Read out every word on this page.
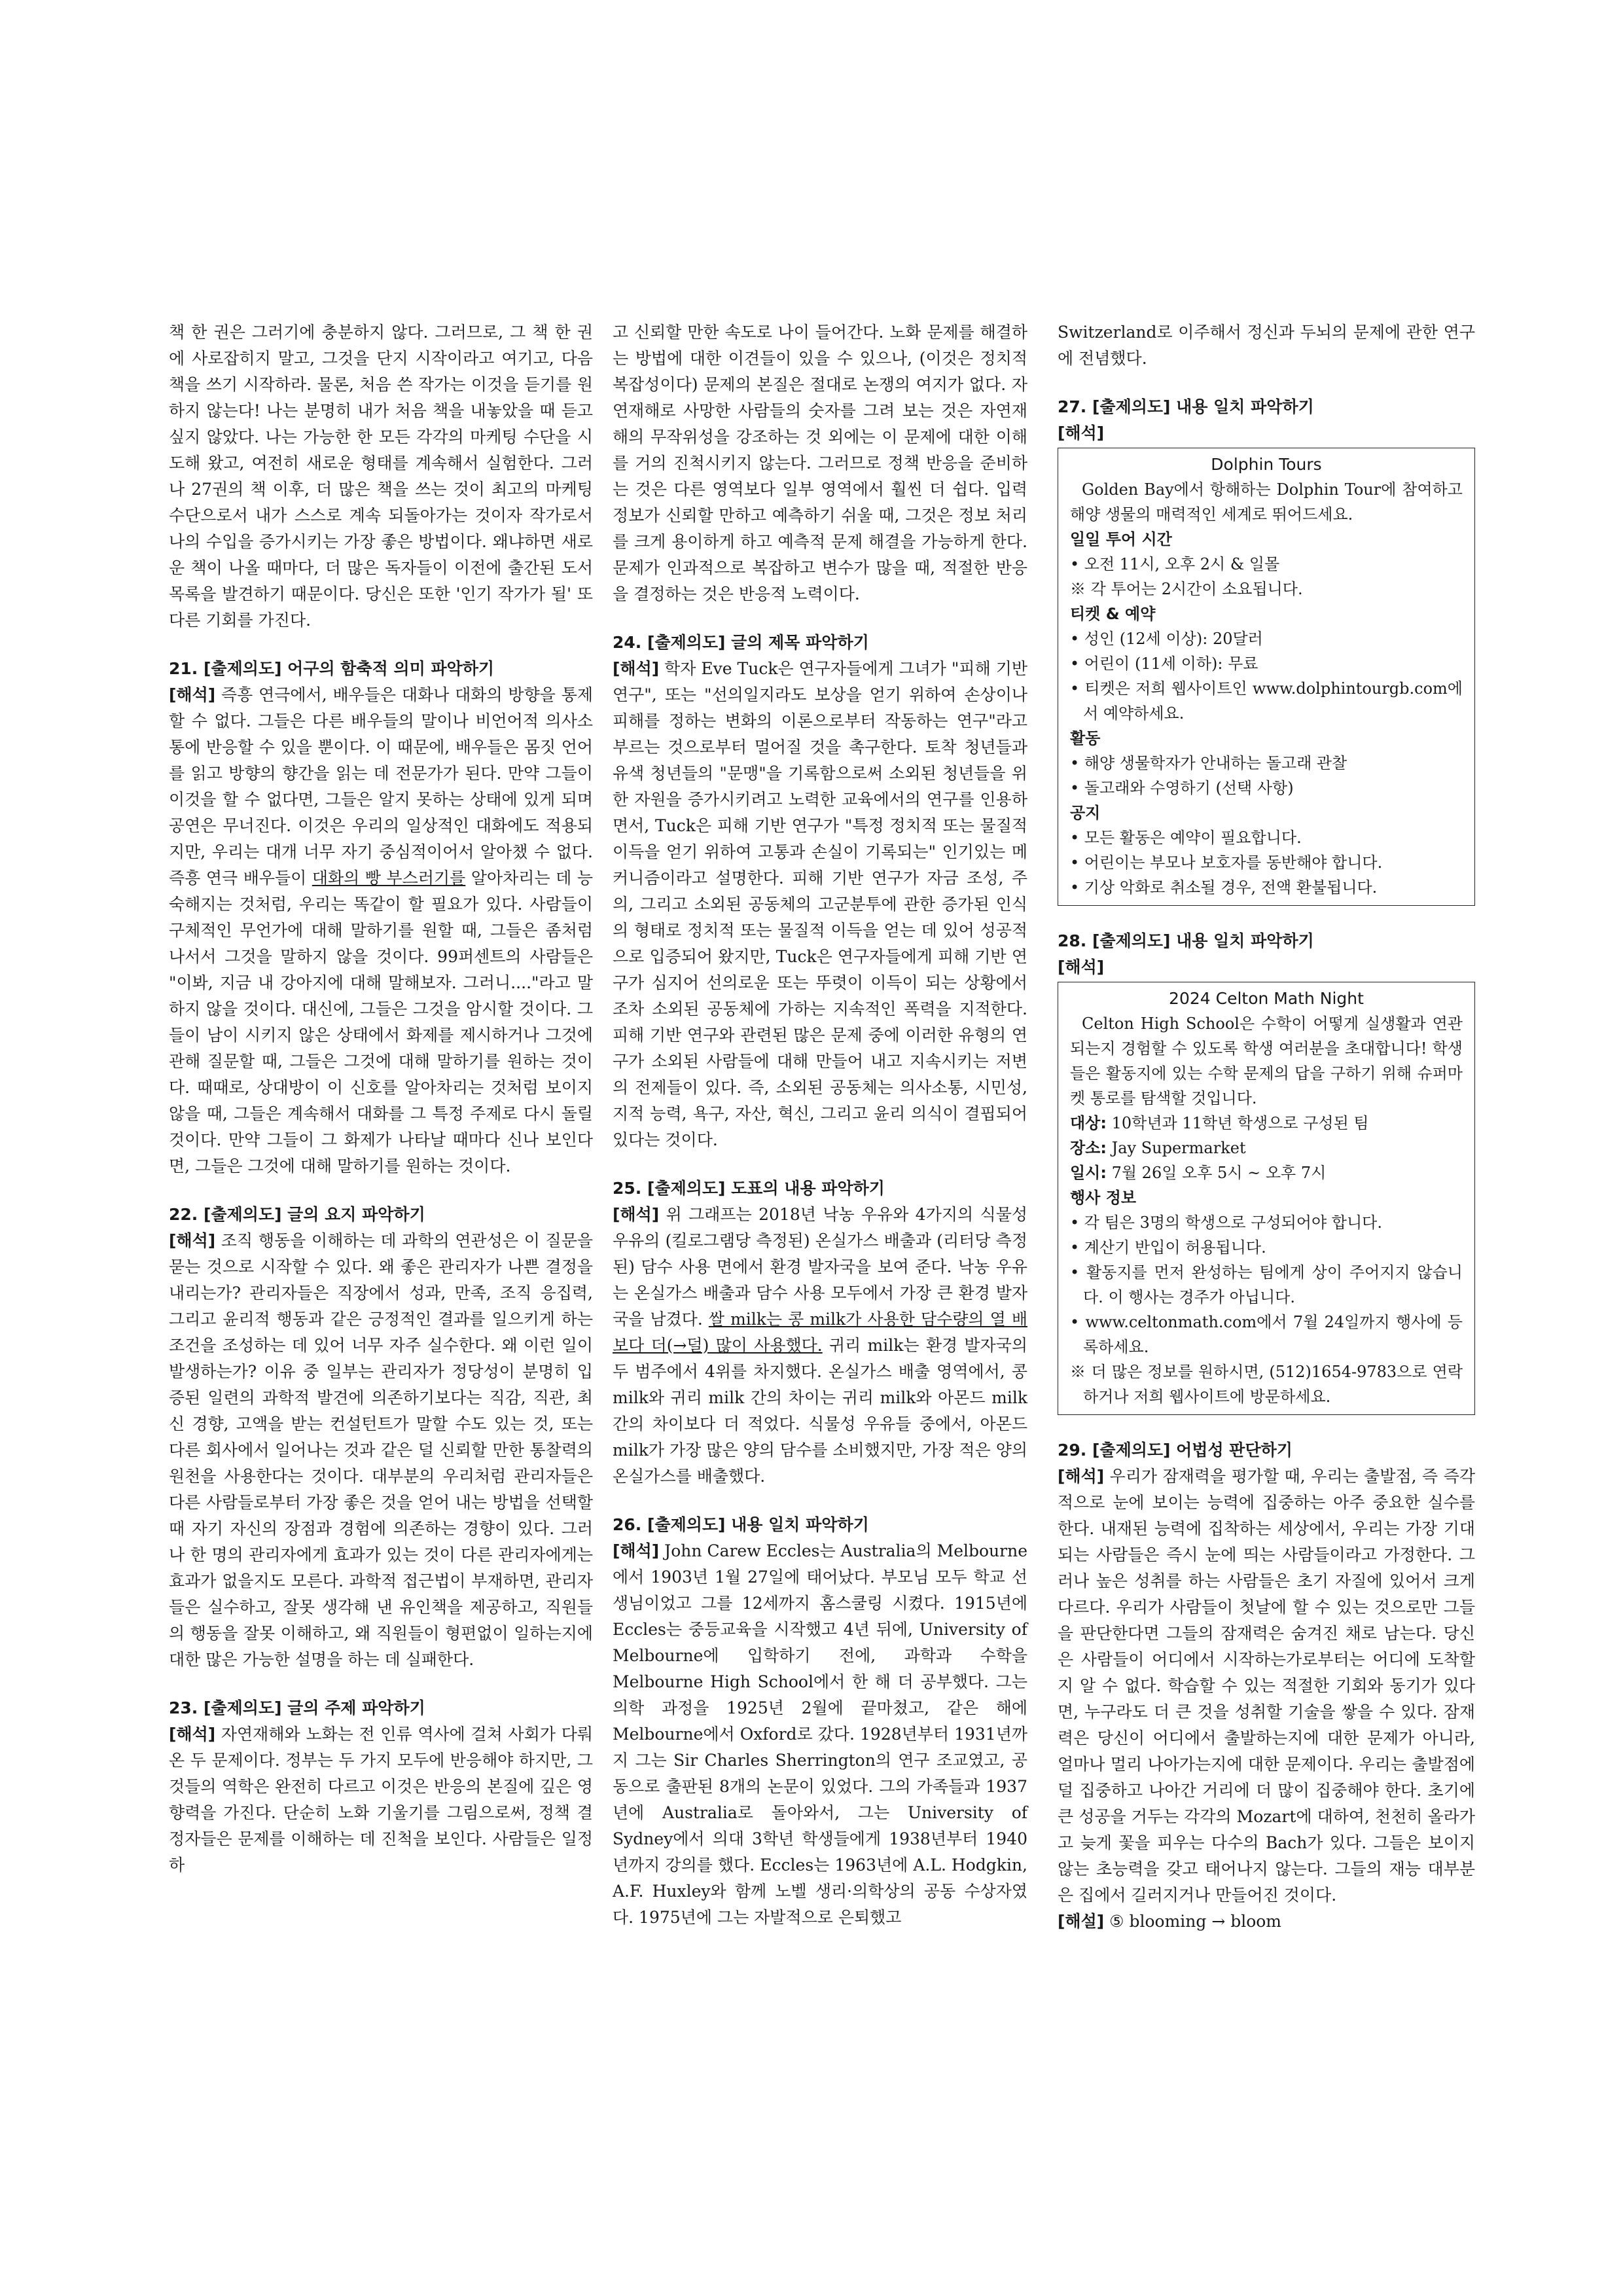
책 한 권은 그러기에 충분하지 않다. 그러므로, 그 책 한 권에 사로잡히지 말고, 그것을 단지 시작이라고 여기고, 다음 책을 쓰기 시작하라. 물론, 처음 쓴 작가는 이것을 듣기를 원하지 않는다! 나는 분명히 내가 처음 책을 내놓았을 때 듣고 싶지 않았다. 나는 가능한 한 모든 각각의 마케팅 수단을 시도해 왔고, 여전히 새로운 형태를 계속해서 실험한다. 그러나 27권의 책 이후, 더 많은 책을 쓰는 것이 최고의 마케팅 수단으로서 내가 스스로 계속 되돌아가는 것이자 작가로서 나의 수입을 증가시키는 가장 좋은 방법이다. 왜냐하면 새로운 책이 나올 때마다, 더 많은 독자들이 이전에 출간된 도서 목록을 발견하기 때문이다. 당신은 또한 '인기 작가가 될' 또 다른 기회를 가진다.

21. [출제의도] 어구의 함축적 의미 파악하기

[해석] 즉흥 연극에서, 배우들은 대화나 대화의 방향을 통제할 수 없다. 그들은 다른 배우들의 말이나 비언어적 의사소통에 반응할 수 있을 뿐이다. 이 때문에, 배우들은 몸짓 언어를 읽고 방향의 향간을 읽는 데 전문가가 된다. 만약 그들이 이것을 할 수 없다면, 그들은 알지 못하는 상태에 있게 되며 공연은 무너진다. 이것은 우리의 일상적인 대화에도 적용되지만, 우리는 대개 너무 자기 중심적이어서 알아챘 수 없다. 즉흥 연극 배우들이 대화의 빵 부스러기를 알아차리는 데 능숙해지는 것처럼, 우리는 똑같이 할 필요가 있다. 사람들이 구체적인 무언가에 대해 말하기를 원할 때, 그들은 좀처럼 나서서 그것을 말하지 않을 것이다. 99퍼센트의 사람들은 "이봐, 지금 내 강아지에 대해 말해보자. 그러니...."라고 말하지 않을 것이다. 대신에, 그들은 그것을 암시할 것이다. 그들이 남이 시키지 않은 상태에서 화제를 제시하거나 그것에 관해 질문할 때, 그들은 그것에 대해 말하기를 원하는 것이다. 때때로, 상대방이 이 신호를 알아차리는 것처럼 보이지 않을 때, 그들은 계속해서 대화를 그 특정 주제로 다시 돌릴 것이다. 만약 그들이 그 화제가 나타날 때마다 신나 보인다면, 그들은 그것에 대해 말하기를 원하는 것이다.

22. [출제의도] 글의 요지 파악하기

[해석] 조직 행동을 이해하는 데 과학의 연관성은 이 질문을 묻는 것으로 시작할 수 있다. 왜 좋은 관리자가 나쁜 결정을 내리는가? 관리자들은 직장에서 성과, 만족, 조직 응집력, 그리고 윤리적 행동과 같은 긍정적인 결과를 일으키게 하는 조건을 조성하는 데 있어 너무 자주 실수한다. 왜 이런 일이 발생하는가? 이유 중 일부는 관리자가 정당성이 분명히 입증된 일련의 과학적 발견에 의존하기보다는 직감, 직관, 최신 경향, 고액을 받는 컨설턴트가 말할 수도 있는 것, 또는 다른 회사에서 일어나는 것과 같은 덜 신뢰할 만한 통찰력의 원천을 사용한다는 것이다. 대부분의 우리처럼 관리자들은 다른 사람들로부터 가장 좋은 것을 얻어 내는 방법을 선택할 때 자기 자신의 장점과 경험에 의존하는 경향이 있다. 그러나 한 명의 관리자에게 효과가 있는 것이 다른 관리자에게는 효과가 없을지도 모른다. 과학적 접근법이 부재하면, 관리자들은 실수하고, 잘못 생각해 낸 유인책을 제공하고, 직원들의 행동을 잘못 이해하고, 왜 직원들이 형편없이 일하는지에 대한 많은 가능한 설명을 하는 데 실패한다.

23. [출제의도] 글의 주제 파악하기

[해석] 자연재해와 노화는 전 인류 역사에 걸쳐 사회가 다뤄온 두 문제이다. 정부는 두 가지 모두에 반응해야 하지만, 그것들의 역학은 완전히 다르고 이것은 반응의 본질에 깊은 영향력을 가진다. 단순히 노화 기울기를 그림으로써, 정책 결정자들은 문제를 이해하는 데 진척을 보인다. 사람들은 일정하

고 신뢰할 만한 속도로 나이 들어간다. 노화 문제를 해결하는 방법에 대한 이견들이 있을 수 있으나, (이것은 정치적 복잡성이다) 문제의 본질은 절대로 논쟁의 여지가 없다. 자연재해로 사망한 사람들의 숫자를 그려 보는 것은 자연재해의 무작위성을 강조하는 것 외에는 이 문제에 대한 이해를 거의 진척시키지 않는다. 그러므로 정책 반응을 준비하는 것은 다른 영역보다 일부 영역에서 훨씬 더 쉽다. 입력 정보가 신뢰할 만하고 예측하기 쉬울 때, 그것은 정보 처리를 크게 용이하게 하고 예측적 문제 해결을 가능하게 한다. 문제가 인과적으로 복잡하고 변수가 많을 때, 적절한 반응을 결정하는 것은 반응적 노력이다.

24. [출제의도] 글의 제목 파악하기

[해석] 학자 Eve Tuck은 연구자들에게 그녀가 "피해 기반 연구", 또는 "선의일지라도 보상을 얻기 위하여 손상이나 피해를 정하는 변화의 이론으로부터 작동하는 연구"라고 부르는 것으로부터 멀어질 것을 촉구한다. 토착 청년들과 유색 청년들의 "문맹"을 기록함으로써 소외된 청년들을 위한 자원을 증가시키려고 노력한 교육에서의 연구를 인용하면서, Tuck은 피해 기반 연구가 "특정 정치적 또는 물질적 이득을 얻기 위하여 고통과 손실이 기록되는" 인기있는 메커니즘이라고 설명한다. 피해 기반 연구가 자금 조성, 주의, 그리고 소외된 공동체의 고군분투에 관한 증가된 인식의 형태로 정치적 또는 물질적 이득을 얻는 데 있어 성공적으로 입증되어 왔지만, Tuck은 연구자들에게 피해 기반 연구가 심지어 선의로운 또는 뚜렷이 이득이 되는 상황에서 조차 소외된 공동체에 가하는 지속적인 폭력을 지적한다. 피해 기반 연구와 관련된 많은 문제 중에 이러한 유형의 연구가 소외된 사람들에 대해 만들어 내고 지속시키는 저변의 전제들이 있다. 즉, 소외된 공동체는 의사소통, 시민성, 지적 능력, 욕구, 자산, 혁신, 그리고 윤리 의식이 결핍되어 있다는 것이다.

25. [출제의도] 도표의 내용 파악하기

[해석] 위 그래프는 2018년 낙농 우유와 4가지의 식물성 우유의 (킬로그램당 측정된) 온실가스 배출과 (리터당 측정된) 담수 사용 면에서 환경 발자국을 보여 준다. 낙농 우유는 온실가스 배출과 담수 사용 모두에서 가장 큰 환경 발자국을 남겼다. 쌀 milk는 콩 milk가 사용한 담수량의 열 배보다 더(→덜) 많이 사용했다. 귀리 milk는 환경 발자국의 두 범주에서 4위를 차지했다. 온실가스 배출 영역에서, 콩 milk와 귀리 milk 간의 차이는 귀리 milk와 아몬드 milk 간의 차이보다 더 적었다. 식물성 우유들 중에서, 아몬드 milk가 가장 많은 양의 담수를 소비했지만, 가장 적은 양의 온실가스를 배출했다.

26. [출제의도] 내용 일치 파악하기

[해석] John Carew Eccles는 Australia의 Melbourne에서 1903년 1월 27일에 태어났다. 부모님 모두 학교 선생님이었고 그를 12세까지 홈스쿨링 시켰다. 1915년에 Eccles는 중등교육을 시작했고 4년 뒤에, University of Melbourne에 입학하기 전에, 과학과 수학을 Melbourne High School에서 한 해 더 공부했다. 그는 의학 과정을 1925년 2월에 끝마쳤고, 같은 해에 Melbourne에서 Oxford로 갔다. 1928년부터 1931년까지 그는 Sir Charles Sherrington의 연구 조교였고, 공동으로 출판된 8개의 논문이 있었다. 그의 가족들과 1937년에 Australia로 돌아와서, 그는 University of Sydney에서 의대 3학년 학생들에게 1938년부터 1940년까지 강의를 했다. Eccles는 1963년에 A.L. Hodgkin, A.F. Huxley와 함께 노벨 생리·의학상의 공동 수상자였다. 1975년에 그는 자발적으로 은퇴했고

Switzerland로 이주해서 정신과 두뇌의 문제에 관한 연구에 전념했다.

27. [출제의도] 내용 일치 파악하기
[해석]
Dolphin Tours
Golden Bay에서 항해하는 Dolphin Tour에 참여하고 해양 생물의 매력적인 세계로 뛰어드세요.
일일 투어 시간
• 오전 11시, 오후 2시 & 일몰
※ 각 투어는 2시간이 소요됩니다.
티켓 & 예약
• 성인 (12세 이상): 20달러
• 어린이 (11세 이하): 무료
• 티켓은 저희 웹사이트인 www.dolphintourgb.com에서 예약하세요.
활동
• 해양 생물학자가 안내하는 돌고래 관찰
• 돌고래와 수영하기 (선택 사항)
공지
• 모든 활동은 예약이 필요합니다.
• 어린이는 부모나 보호자를 동반해야 합니다.
• 기상 악화로 취소될 경우, 전액 환불됩니다.
28. [출제의도] 내용 일치 파악하기
[해석]
2024 Celton Math Night
Celton High School은 수학이 어떻게 실생활과 연관되는지 경험할 수 있도록 학생 여러분을 초대합니다! 학생들은 활동지에 있는 수학 문제의 답을 구하기 위해 슈퍼마켓 통로를 탐색할 것입니다.
대상: 10학년과 11학년 학생으로 구성된 팀
장소: Jay Supermarket
일시: 7월 26일 오후 5시 ~ 오후 7시
행사 정보
• 각 팀은 3명의 학생으로 구성되어야 합니다.
• 계산기 반입이 허용됩니다.
• 활동지를 먼저 완성하는 팀에게 상이 주어지지 않습니다. 이 행사는 경주가 아닙니다.
• www.celtonmath.com에서 7월 24일까지 행사에 등록하세요.
※ 더 많은 정보를 원하시면, (512)1654-9783으로 연락하거나 저희 웹사이트에 방문하세요.
29. [출제의도] 어법성 판단하기

[해석] 우리가 잠재력을 평가할 때, 우리는 출발점, 즉 즉각적으로 눈에 보이는 능력에 집중하는 아주 중요한 실수를 한다. 내재된 능력에 집착하는 세상에서, 우리는 가장 기대되는 사람들은 즉시 눈에 띄는 사람들이라고 가정한다. 그러나 높은 성취를 하는 사람들은 초기 자질에 있어서 크게 다르다. 우리가 사람들이 첫날에 할 수 있는 것으로만 그들을 판단한다면 그들의 잠재력은 숨겨진 채로 남는다. 당신은 사람들이 어디에서 시작하는가로부터는 어디에 도착할지 알 수 없다. 학습할 수 있는 적절한 기회와 동기가 있다면, 누구라도 더 큰 것을 성취할 기술을 쌓을 수 있다. 잠재력은 당신이 어디에서 출발하는지에 대한 문제가 아니라, 얼마나 멀리 나아가는지에 대한 문제이다. 우리는 출발점에 덜 집중하고 나아간 거리에 더 많이 집중해야 한다. 초기에 큰 성공을 거두는 각각의 Mozart에 대하여, 천천히 올라가고 늦게 꽃을 피우는 다수의 Bach가 있다. 그들은 보이지 않는 초능력을 갖고 태어나지 않는다. 그들의 재능 대부분은 집에서 길러지거나 만들어진 것이다.

[해설] ⑤ blooming → bloom
